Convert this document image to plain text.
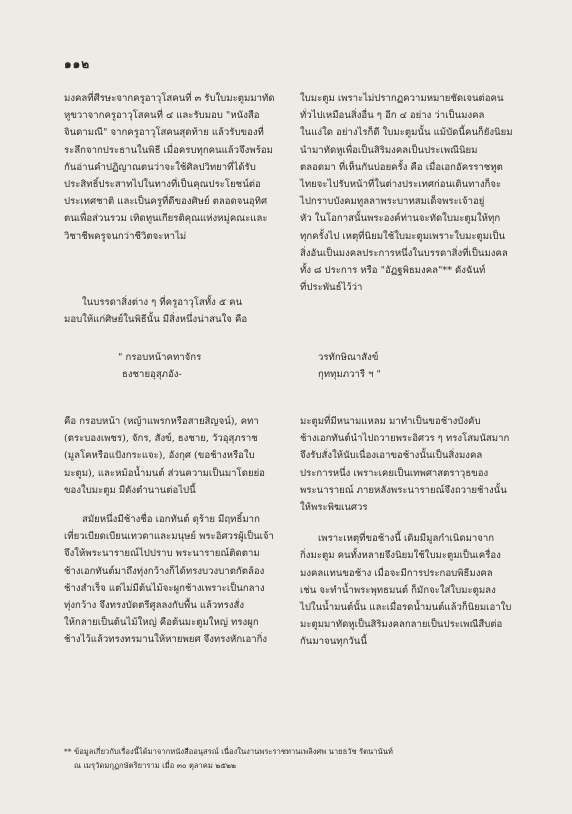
๑๑๒

มงคลที่ศีรษะจากครูอาวุโสคนที่ ๓ รับใบมะตูมมาทัด

หูขวาจากครูอาวุโสคนที่ ๔ และรับมอบ "หนังสือ

จินดามณี" จากครูอาวุโสคนสุดท้าย แล้วรับของที่

ระลึกจากประธานในพิธี เมื่อครบทุกคนแล้วจึงพร้อม

กันอ่านคำปฏิญาณตนว่าจะใช้ศิลปวิทยาที่ได้รับ

ประสิทธิ์ประสาทไปในทางที่เป็นคุณประโยชน์ต่อ

ประเทศชาติ และเป็นครูที่ดีของศิษย์ ตลอดจนอุทิศ

ตนเพื่อส่วนรวม เทิดทูนเกียรติคุณแห่งหมู่คณะและ

วิชาชีพครูจนกว่าชีวิตจะหาไม่

ในบรรดาสิ่งต่าง ๆ ที่ครูอาวุโสทั้ง ๕ คน

มอบให้แก่ศิษย์ในพิธีนั้น มีสิ่งหนึ่งน่าสนใจ คือ

ใบมะตูม เพราะไม่ปรากฏความหมายชัดเจนต่อคน

ทั่วไปเหมือนสิ่งอื่น ๆ อีก ๔ อย่าง ว่าเป็นมงคล

ในแง่ใด อย่างไรก็ดี ใบมะตูมนั้น แม้บัดนี้คนก็ยังนิยม

นำมาทัดหูเพื่อเป็นสิริมงคลเป็นประเพณีนิยม

ตลอดมา ที่เห็นกันบ่อยครั้ง คือ เมื่อเอกอัครราชทูต

ไทยจะไปรับหน้าที่ในต่างประเทศก่อนเดินทางก็จะ

ไปกราบบังคมทูลลาพระบาทสมเด็จพระเจ้าอยู่

หัว ในโอกาสนั้นพระองค์ท่านจะทัดใบมะตูมให้ทุก

ทุกครั้งไป เหตุที่นิยมใช้ใบมะตูมเพราะใบมะตูมเป็น

สิ่งอันเป็นมงคลประการหนึ่งในบรรดาสิ่งที่เป็นมงคล

ทั้ง ๘ ประการ หรือ "อัฏฐพิธมงคล"** ดังฉันท์

ที่ประพันธ์ไว้ว่า

" กรอบหน้าคทาจักร

ธงชายอุสุภอัง-

วรทักษิณาสังข์

กุททุมภวารี ฯ "

คือ กรอบหน้า (หญ้าแพรกหรือสายสิญจน์), คทา

(ตระบองเพชร), จักร, สังข์, ธงชาย, วัวอุสุภราช

(มูลโคหรือแปังกระแจะ), อังกุศ (ขอช้างหรือใบ

มะตูม), และหม้อน้ำมนต์ ส่วนความเป็นมาโดยย่อ

ของใบมะตูม มีดังตำนานต่อไปนี้

สมัยหนึ่งมีช้างชื่อ เอกทันต์ ดุร้าย มีฤทธิ์มาก

เที่ยวเบียดเบียนเทวดาและมนุษย์ พระอิศวรผู้เป็นเจ้า

จึงให้พระนารายณ์ไปปราบ พระนารายณ์ติดตาม

ช้างเอกทันต์มาถึงทุ่งกว้างก็ได้ทรงบวงบาตกัตล้อง

ช้างสำเร็จ แต่ไม่มีต้นไม้จะผูกช้างเพราะเป็นกลาง

ทุ่งกว้าง จึงทรงบัดตรีศูลลงกับพื้น แล้วทรงสั่ง

ให้กลายเป็นต้นไม้ใหญ่ คือต้นมะตูมใหญ่ ทรงผูก

ช้างไว้แล้วทรงทรมานให้หายพยศ จึงทรงหักเอากิ่ง

มะตูมที่มีหนามแหลม มาทำเป็นขอช้างบังคับ

ช้างเอกทันต์นำไปถวายพระอิศวร ๆ ทรงโสมนัสมาก

จึงรับสั่งให้นับเนื่องเอาขอช้างนั้นเป็นสิ่งมงคล

ประการหนึ่ง เพราะเคยเป็นเทพศาสตราวุธของ

พระนารายณ์ ภายหลังพระนารายณ์จึงถวายช้างนั้น

ให้พระพิฆเนศวร

เพราะเหตุที่ขอช้างนี้ เดิมมีมูลกำเนิดมาจาก

กิ่งมะตูม คนทั้งหลายจึงนิยมใช้ใบมะตูมเป็นเครื่อง

มงคลแทนขอช้าง เมื่อจะมีการประกอบพิธีมงคล

เช่น จะทำน้ำพระพุทธมนต์ ก็มักจะใส่ใบมะตูมลง

ไปในน้ำมนต์นั้น และเมื่อรดน้ำมนต์แล้วก็นิยมเอาใบ

มะตูมมาทัดหูเป็นสิริมงคลกลายเป็นประเพณีสืบต่อ

กันมาจนทุกวันนี้

** ข้อมูลเกี่ยวกับเรื่องนี้ได้มาจากหนังสืออนุสรณ์ เนื่องในงานพระราชทานเพลิงศพ นายธวัช รัตนานันท์

ณ เมรุวัดมกุฏกษัตริยาราม เมื่อ ๓๐ ตุลาคม ๒๕๒๒
